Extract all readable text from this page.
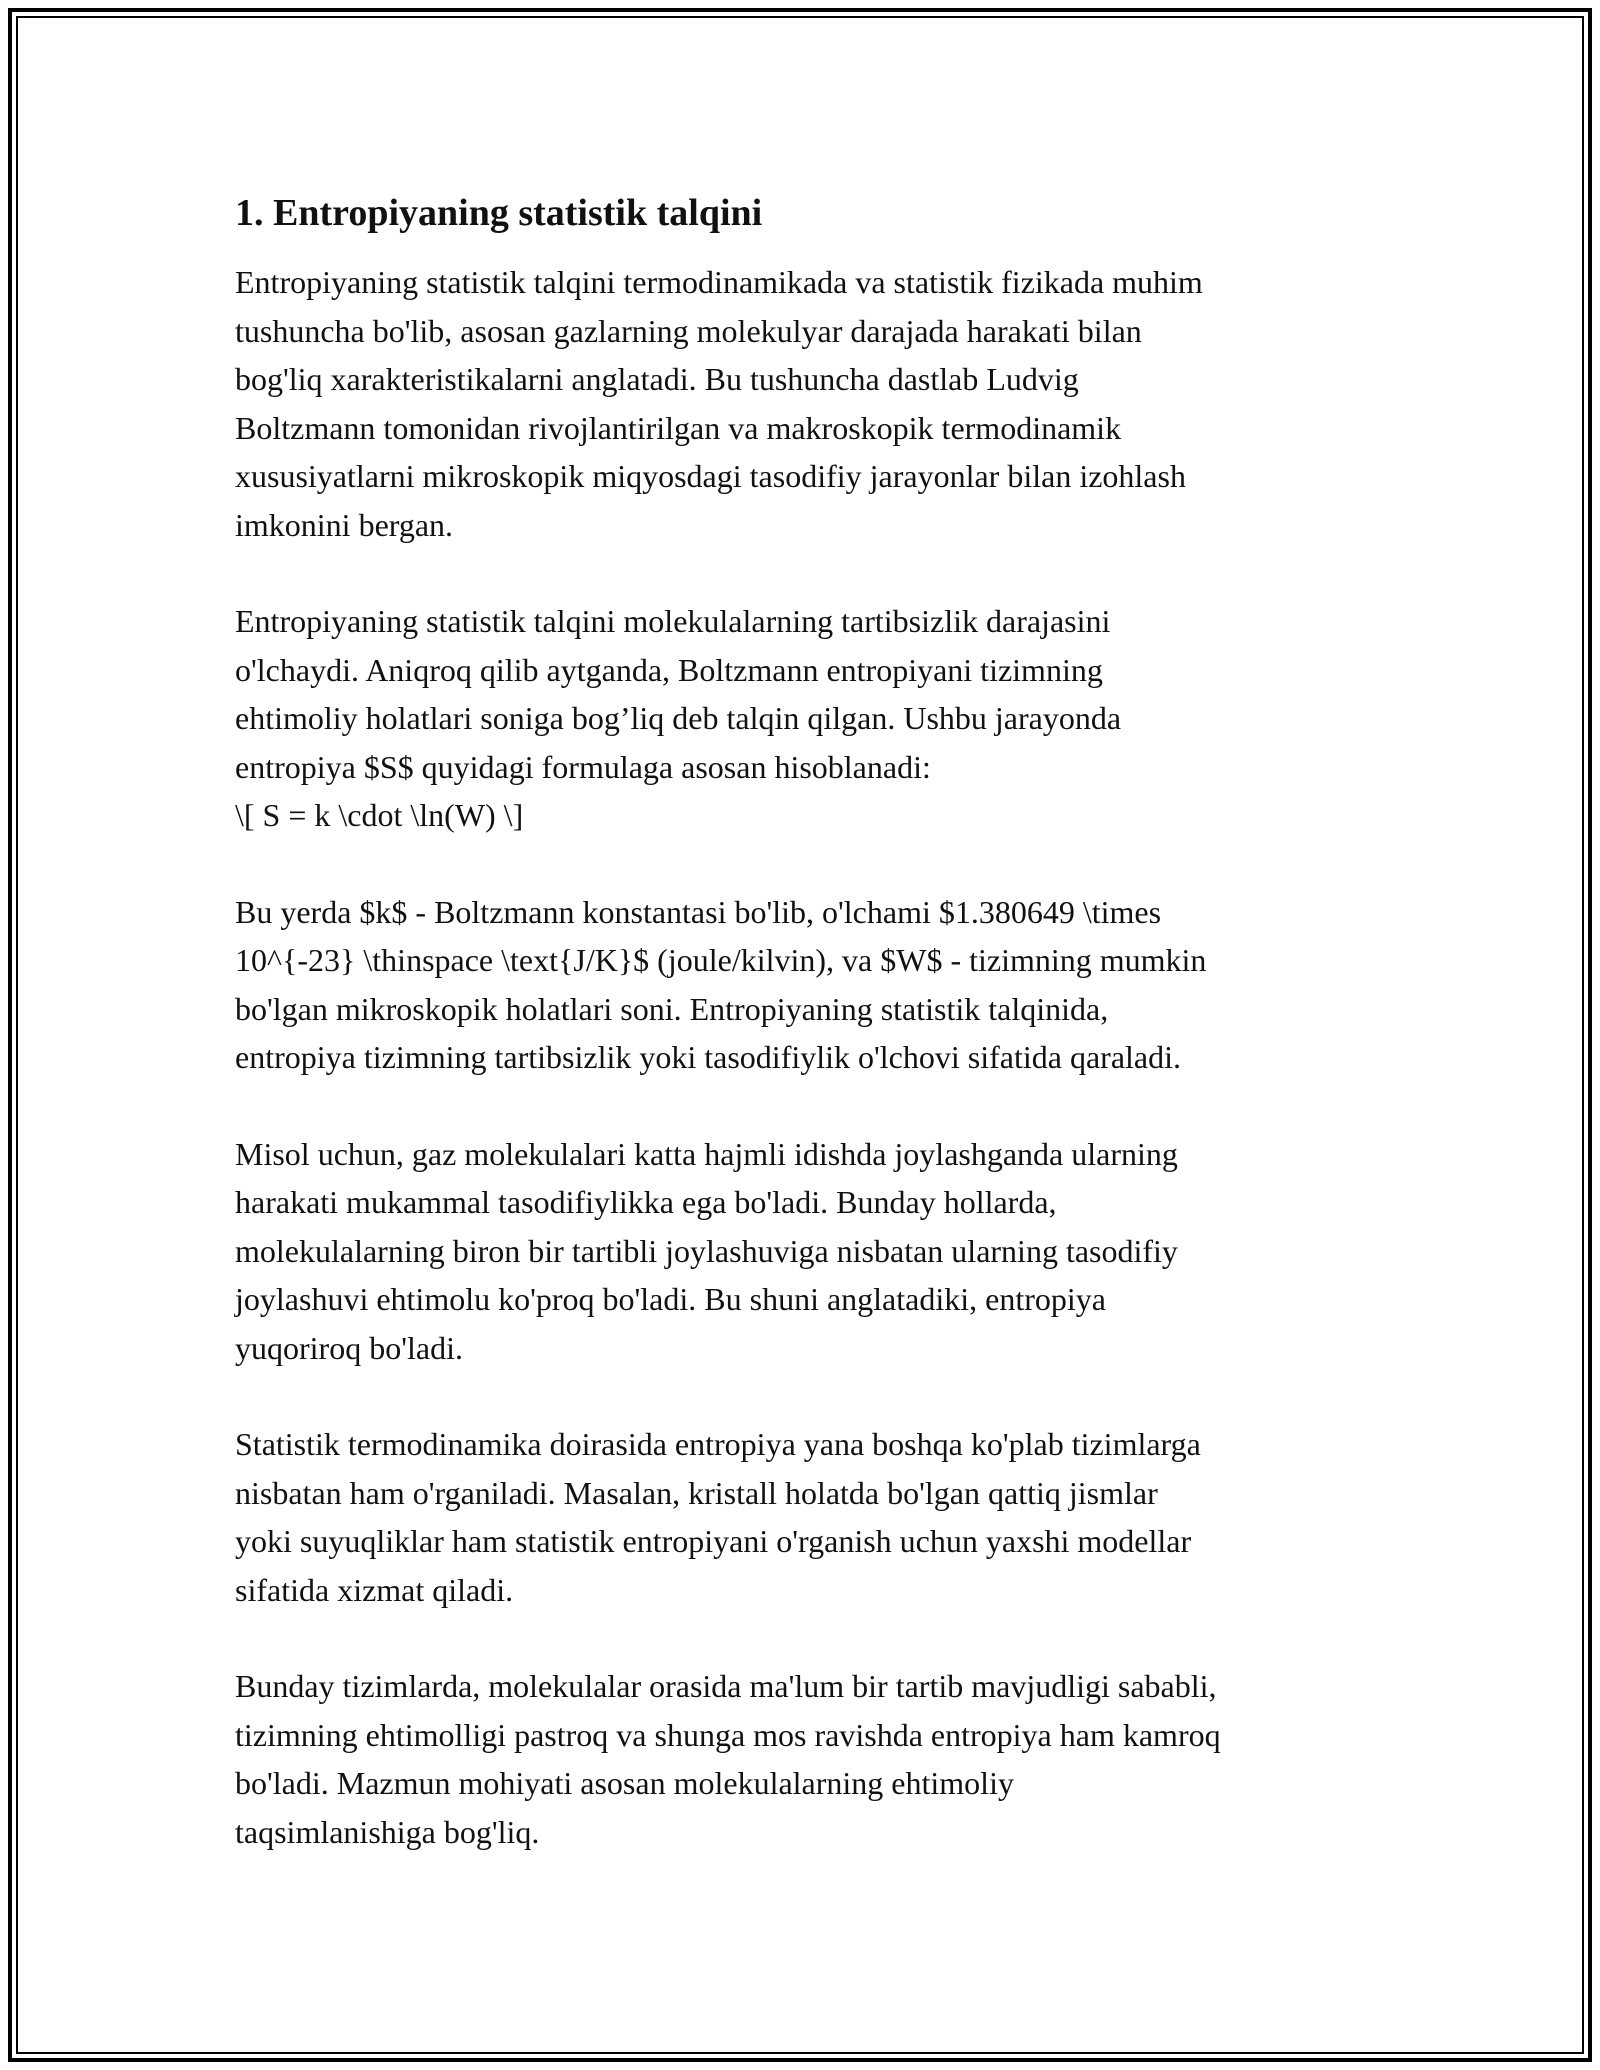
1. Entropiyaning statistik talqini
Entropiyaning statistik talqini termodinamikada va statistik fizikada muhim
tushuncha bo'lib, asosan gazlarning molekulyar darajada harakati bilan
bog'liq xarakteristikalarni anglatadi. Bu tushuncha dastlab Ludvig
Boltzmann tomonidan rivojlantirilgan va makroskopik termodinamik
xususiyatlarni mikroskopik miqyosdagi tasodifiy jarayonlar bilan izohlash
imkonini bergan.
Entropiyaning statistik talqini molekulalarning tartibsizlik darajasini
o'lchaydi. Aniqroq qilib aytganda, Boltzmann entropiyani tizimning
ehtimoliy holatlari soniga bog’liq deb talqin qilgan. Ushbu jarayonda
entropiya $S$ quyidagi formulaga asosan hisoblanadi:
\[ S = k \cdot \ln(W) \]
Bu yerda $k$ - Boltzmann konstantasi bo'lib, o'lchami $1.380649 \times
10^{-23} \thinspace \text{J/K}$ (joule/kilvin), va $W$ - tizimning mumkin
bo'lgan mikroskopik holatlari soni. Entropiyaning statistik talqinida,
entropiya tizimning tartibsizlik yoki tasodifiylik o'lchovi sifatida qaraladi.
Misol uchun, gaz molekulalari katta hajmli idishda joylashganda ularning
harakati mukammal tasodifiylikka ega bo'ladi. Bunday hollarda,
molekulalarning biron bir tartibli joylashuviga nisbatan ularning tasodifiy
joylashuvi ehtimolu ko'proq bo'ladi. Bu shuni anglatadiki, entropiya
yuqoriroq bo'ladi.
Statistik termodinamika doirasida entropiya yana boshqa ko'plab tizimlarga
nisbatan ham o'rganiladi. Masalan, kristall holatda bo'lgan qattiq jismlar
yoki suyuqliklar ham statistik entropiyani o'rganish uchun yaxshi modellar
sifatida xizmat qiladi.
Bunday tizimlarda, molekulalar orasida ma'lum bir tartib mavjudligi sababli,
tizimning ehtimolligi pastroq va shunga mos ravishda entropiya ham kamroq
bo'ladi. Mazmun mohiyati asosan molekulalarning ehtimoliy
taqsimlanishiga bog'liq.
